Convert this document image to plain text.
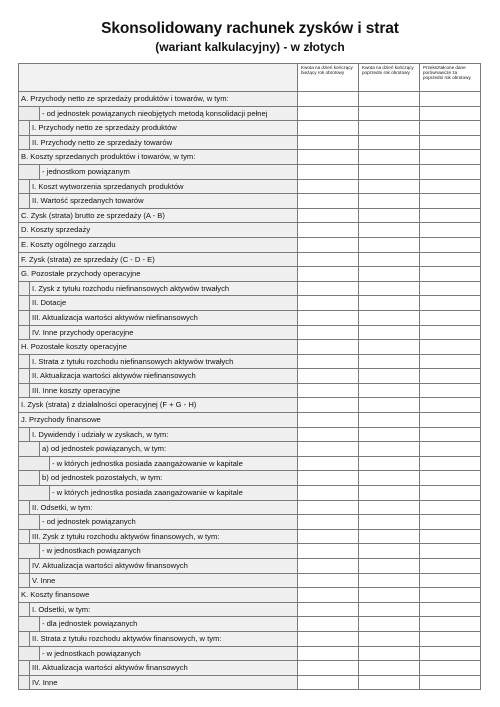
Skonsolidowany rachunek zysków i strat
(wariant kalkulacyjny) - w złotych
	Kwota na dzień kończący bieżący rok obrotowy	Kwota na dzień kończący poprzedni rok obrotowy	Przekształcone dane porównawcze za poprzedni rok obrotowy

A. Przychody netto ze sprzedaży produktów i towarów, w tym:			

- od jednostek powiązanych nieobjętych metodą konsolidacji pełnej			

I. Przychody netto ze sprzedaży produktów			

II. Przychody netto ze sprzedaży towarów			

B. Koszty sprzedanych produktów i towarów, w tym:			

- jednostkom powiązanym			

I. Koszt wytworzenia sprzedanych produktów			

II. Wartość sprzedanych towarów			

C. Zysk (strata) brutto ze sprzedaży (A - B)			

D. Koszty sprzedaży			

E. Koszty ogólnego zarządu			

F. Zysk (strata) ze sprzedaży (C - D - E)			

G. Pozostałe przychody operacyjne			

I. Zysk z tytułu rozchodu niefinansowych aktywów trwałych			

II. Dotacje			

III. Aktualizacja wartości aktywów niefinansowych			

IV. Inne przychody operacyjne			

H. Pozostałe koszty operacyjne			

I. Strata z tytułu rozchodu niefinansowych aktywów trwałych			

II. Aktualizacja wartości aktywów niefinansowych			

III. Inne koszty operacyjne			

I. Zysk (strata) z działalności operacyjnej (F + G - H)			

J. Przychody finansowe			

I. Dywidendy i udziały w zyskach, w tym:			

a) od jednostek powiązanych, w tym:			

- w których jednostka posiada zaangażowanie w kapitale			

b) od jednostek pozostałych, w tym:			

- w których jednostka posiada zaangażowanie w kapitale			

II. Odsetki, w tym:			

- od jednostek powiązanych			

III. Zysk z tytułu rozchodu aktywów finansowych, w tym:			

- w jednostkach powiązanych			

IV. Aktualizacja wartości aktywów finansowych			

V. Inne			

K. Koszty finansowe			

I. Odsetki, w tym:			

- dla jednostek powiązanych			

II. Strata z tytułu rozchodu aktywów finansowych, w tym:			

- w jednostkach powiązanych			

III. Aktualizacja wartości aktywów finansowych			

IV. Inne			
